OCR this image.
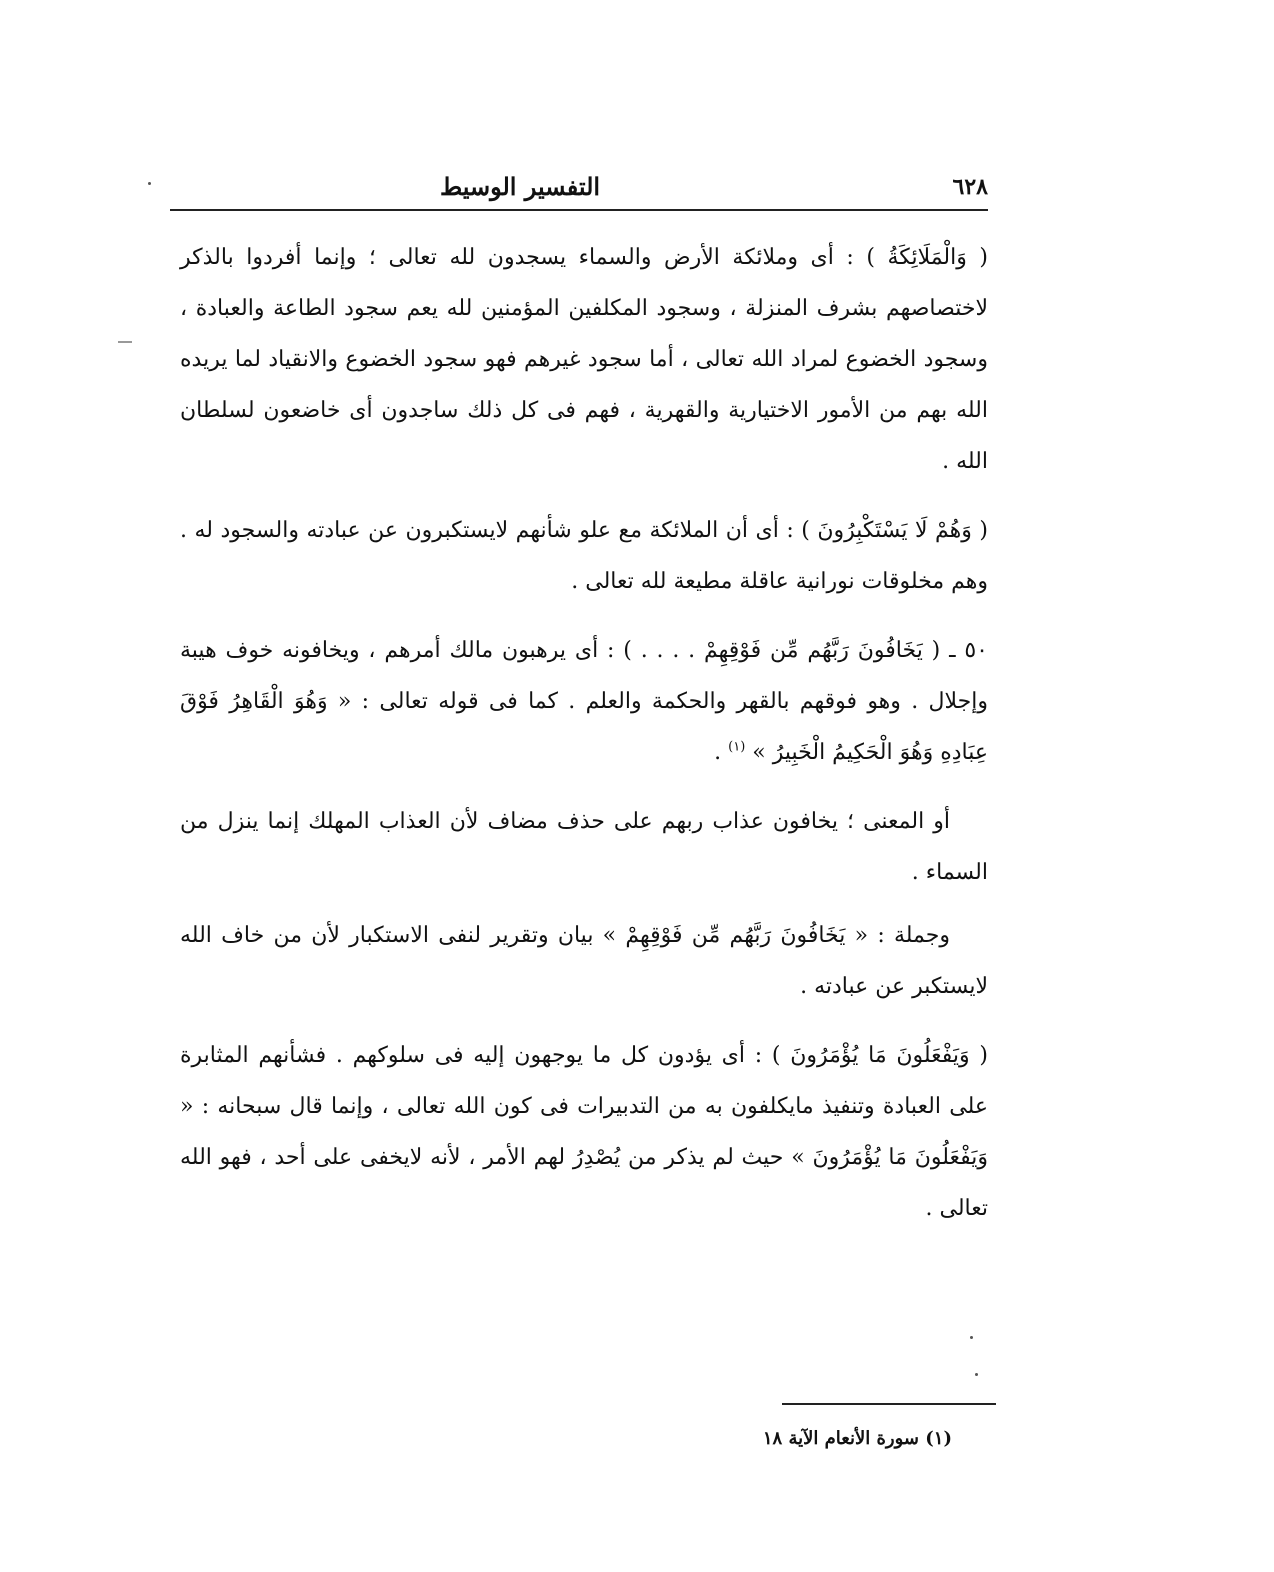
٦٢٨
التفسير الوسيط

( وَالْمَلَائِكَةُ ) : أى وملائكة الأرض والسماء يسجدون لله تعالى ؛ وإنما أفردوا بالذكر لاختصاصهم بشرف المنزلة ، وسجود المكلفين المؤمنين لله يعم سجود الطاعة والعبادة ، وسجود الخضوع لمراد الله تعالى ، أما سجود غيرهم فهو سجود الخضوع والانقياد لما يريده الله بهم من الأمور الاختيارية والقهرية ، فهم فى كل ذلك ساجدون أى خاضعون لسلطان الله .

( وَهُمْ لَا يَسْتَكْبِرُونَ ) : أى أن الملائكة مع علو شأنهم لايستكبرون عن عبادته والسجود له . وهم مخلوقات نورانية عاقلة مطيعة لله تعالى .

٥٠ ـ ( يَخَافُونَ رَبَّهُم مِّن فَوْقِهِمْ . . . . ) : أى يرهبون مالك أمرهم ، ويخافونه خوف هيبة وإجلال . وهو فوقهم بالقهر والحكمة والعلم . كما فى قوله تعالى : « وَهُوَ الْقَاهِرُ فَوْقَ عِبَادِهِ وَهُوَ الْحَكِيمُ الْخَبِيرُ » $^{(١)}$ .

أو المعنى ؛ يخافون عذاب ربهم على حذف مضاف لأن العذاب المهلك إنما ينزل من السماء .

وجملة : « يَخَافُونَ رَبَّهُم مِّن فَوْقِهِمْ » بيان وتقرير لنفى الاستكبار لأن من خاف الله لايستكبر عن عبادته .

( وَيَفْعَلُونَ مَا يُؤْمَرُونَ ) : أى يؤدون كل ما يوجهون إليه فى سلوكهم . فشأنهم المثابرة على العبادة وتنفيذ مايكلفون به من التدبيرات فى كون الله تعالى ، وإنما قال سبحانه : « وَيَفْعَلُونَ مَا يُؤْمَرُونَ » حيث لم يذكر من يُصْدِرُ لهم الأمر ، لأنه لايخفى على أحد ، فهو الله تعالى .

(١) سورة الأنعام الآية ١٨
